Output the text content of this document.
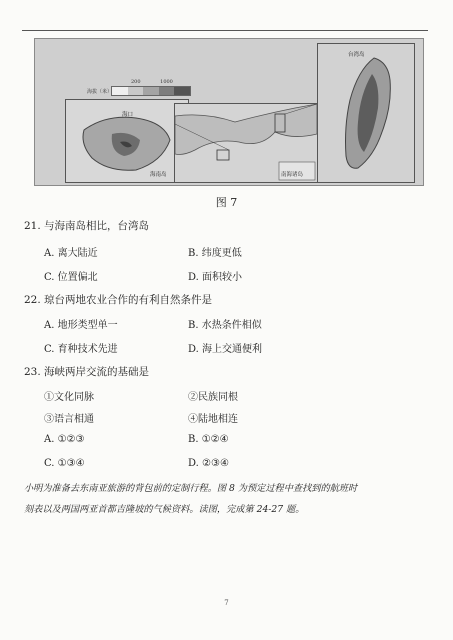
200	1000
海拔（米）
海口
海南岛	南海诸岛
台湾岛
图 7
21. 与海南岛相比，台湾岛
A. 离大陆近	B. 纬度更低
C. 位置偏北	D. 面积较小
22. 琼台两地农业合作的有利自然条件是
A. 地形类型单一	B. 水热条件相似
C. 育种技术先进	D. 海上交通便利
23. 海峡两岸交流的基础是
①文化同脉	②民族同根
③语言相通	④陆地相连
A. ①②③	B. ①②④
C. ①③④	D. ②③④
小明为准备去东南亚旅游的背包前的定制行程。图 8 为预定过程中查找到的航班时
刻表以及两国两亚首都吉隆坡的气候资料。读图，完成第 24-27 题。
7
